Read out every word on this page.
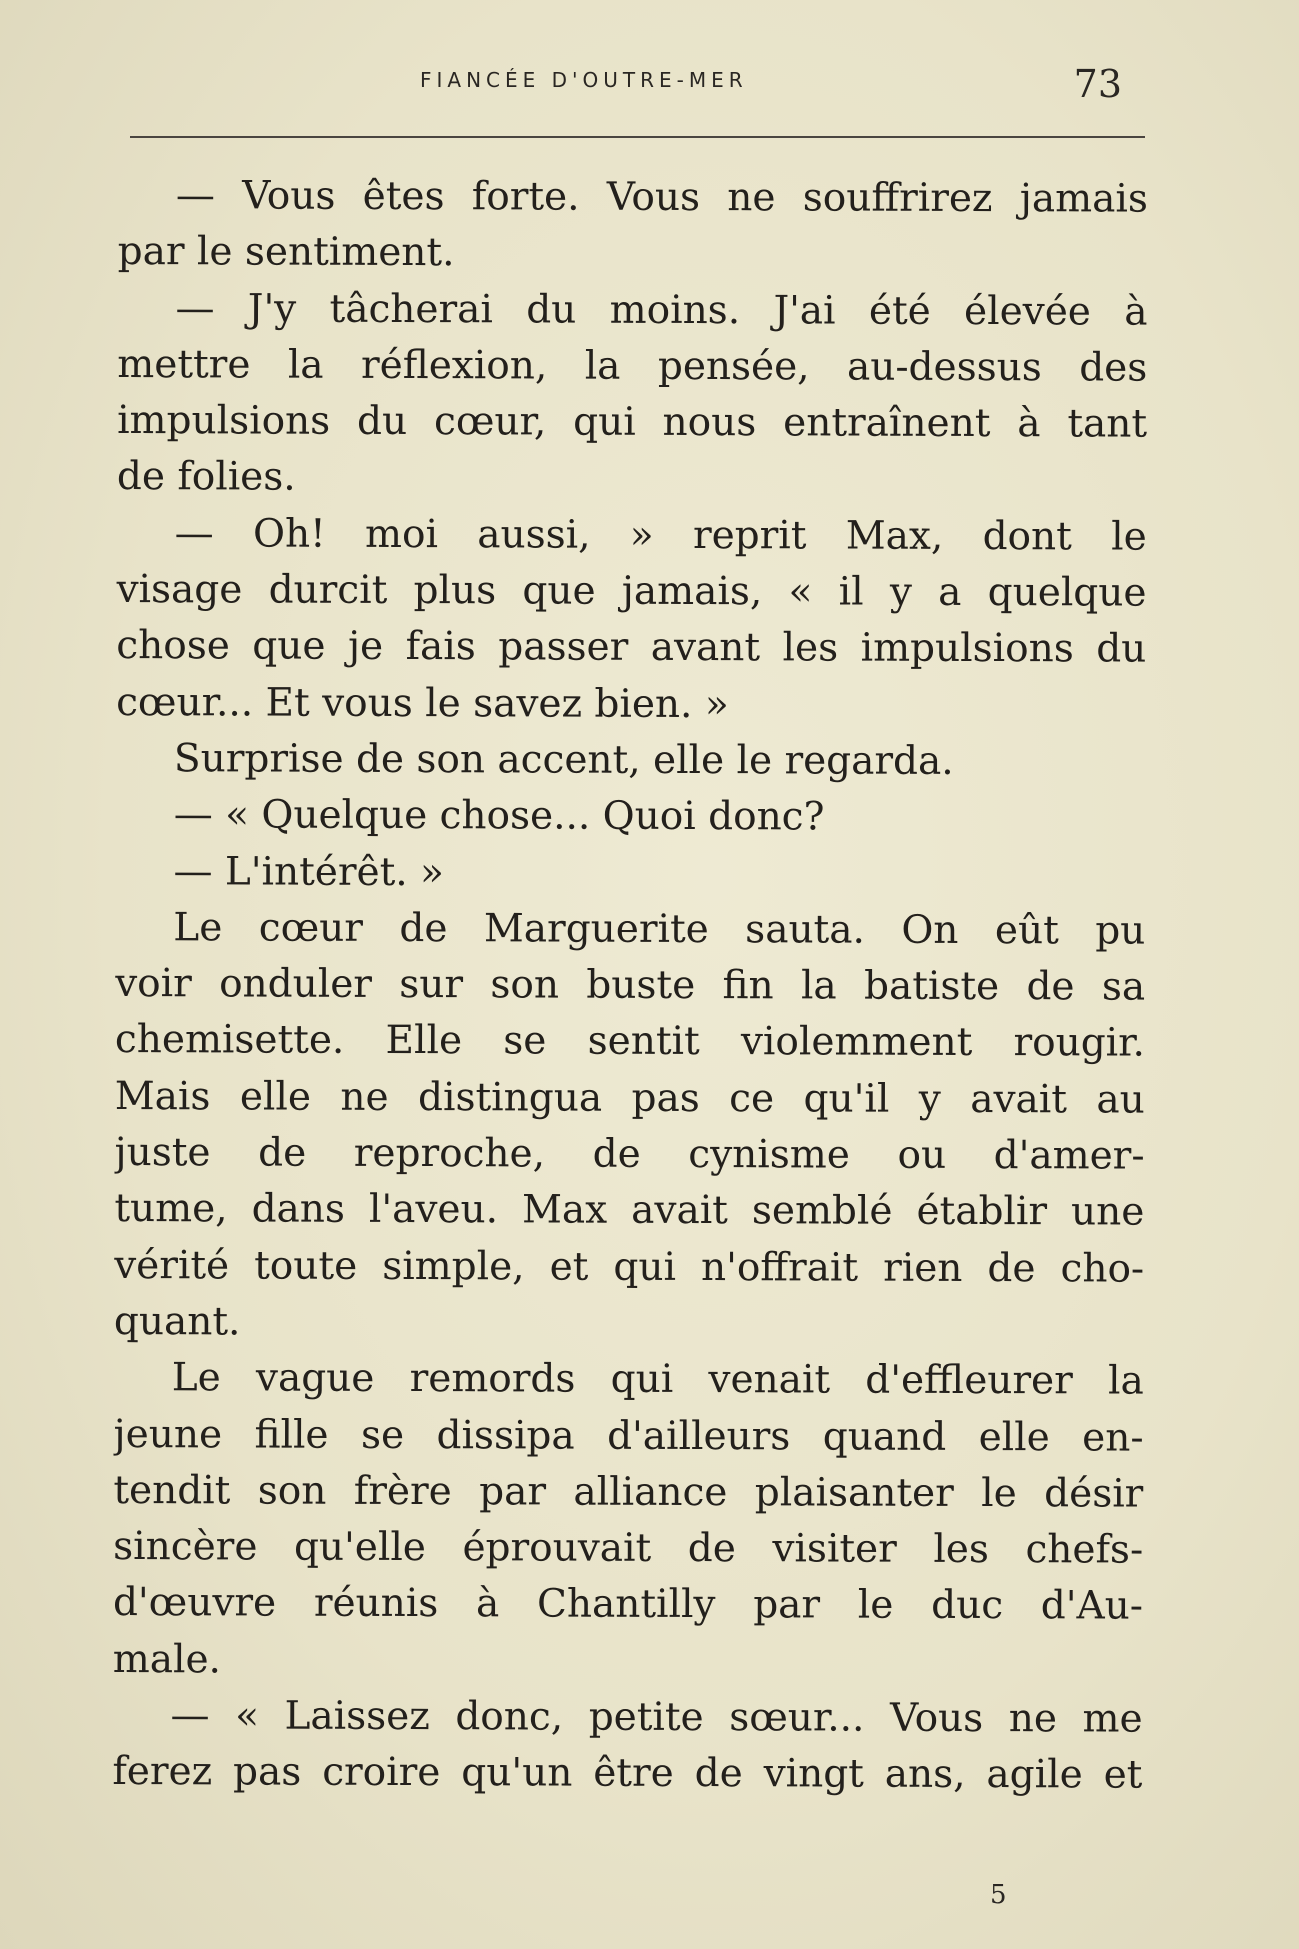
FIANCÉE D'OUTRE-MER	73
— Vous êtes forte. Vous ne souffrirez jamais
par le sentiment.
— J'y tâcherai du moins. J'ai été élevée à
mettre la réflexion, la pensée, au-dessus des
impulsions du cœur, qui nous entraînent à tant
de folies.
— Oh! moi aussi, » reprit Max, dont le
visage durcit plus que jamais, « il y a quelque
chose que je fais passer avant les impulsions du
cœur... Et vous le savez bien. »
Surprise de son accent, elle le regarda.
— « Quelque chose... Quoi donc?
— L'intérêt. »
Le cœur de Marguerite sauta. On eût pu
voir onduler sur son buste fin la batiste de sa
chemisette. Elle se sentit violemment rougir.
Mais elle ne distingua pas ce qu'il y avait au
juste de reproche, de cynisme ou d'amer-
tume, dans l'aveu. Max avait semblé établir une
vérité toute simple, et qui n'offrait rien de cho-
quant.
Le vague remords qui venait d'effleurer la
jeune fille se dissipa d'ailleurs quand elle en-
tendit son frère par alliance plaisanter le désir
sincère qu'elle éprouvait de visiter les chefs-
d'œuvre réunis à Chantilly par le duc d'Au-
male.
— « Laissez donc, petite sœur... Vous ne me
ferez pas croire qu'un être de vingt ans, agile et
5
